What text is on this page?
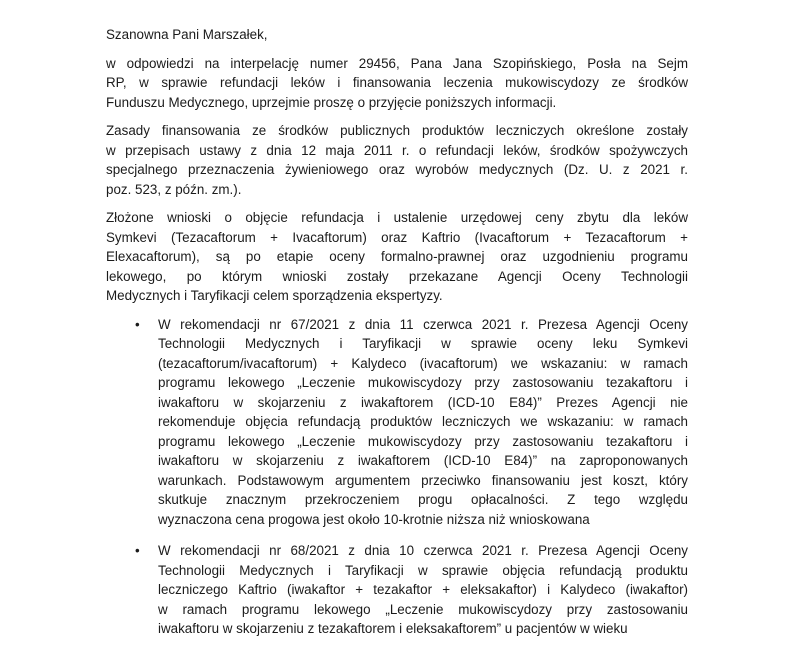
Szanowna Pani Marszałek,
w odpowiedzi na interpelację numer 29456, Pana Jana Szopińskiego, Posła na Sejm
RP, w sprawie refundacji leków i finansowania leczenia mukowiscydozy ze środków
Funduszu Medycznego, uprzejmie proszę o przyjęcie poniższych informacji.
Zasady finansowania ze środków publicznych produktów leczniczych określone zostały
w przepisach ustawy z dnia 12 maja 2011 r. o refundacji leków, środków spożywczych
specjalnego przeznaczenia żywieniowego oraz wyrobów medycznych (Dz. U. z 2021 r.
poz. 523, z późn. zm.).
Złożone wnioski o objęcie refundacja i ustalenie urzędowej ceny zbytu dla leków
Symkevi (Tezacaftorum + Ivacaftorum) oraz Kaftrio (Ivacaftorum + Tezacaftorum +
Elexacaftorum), są po etapie oceny formalno-prawnej oraz uzgodnieniu programu
lekowego, po którym wnioski zostały przekazane Agencji Oceny Technologii
Medycznych i Taryfikacji celem sporządzenia ekspertyzy.
• W rekomendacji nr 67/2021 z dnia 11 czerwca 2021 r. Prezesa Agencji Oceny
Technologii Medycznych i Taryfikacji w sprawie oceny leku Symkevi
(tezacaftorum/ivacaftorum) + Kalydeco (ivacaftorum) we wskazaniu: w ramach
programu lekowego „Leczenie mukowiscydozy przy zastosowaniu tezakaftoru i
iwakaftoru w skojarzeniu z iwakaftorem (ICD-10 E84)” Prezes Agencji nie
rekomenduje objęcia refundacją produktów leczniczych we wskazaniu: w ramach
programu lekowego „Leczenie mukowiscydozy przy zastosowaniu tezakaftoru i
iwakaftoru w skojarzeniu z iwakaftorem (ICD-10 E84)” na zaproponowanych
warunkach. Podstawowym argumentem przeciwko finansowaniu jest koszt, który
skutkuje znacznym przekroczeniem progu opłacalności. Z tego względu
wyznaczona cena progowa jest około 10-krotnie niższa niż wnioskowana
• W rekomendacji nr 68/2021 z dnia 10 czerwca 2021 r. Prezesa Agencji Oceny
Technologii Medycznych i Taryfikacji w sprawie objęcia refundacją produktu
leczniczego Kaftrio (iwakaftor + tezakaftor + eleksakaftor) i Kalydeco (iwakaftor)
w ramach programu lekowego „Leczenie mukowiscydozy przy zastosowaniu
iwakaftoru w skojarzeniu z tezakaftorem i eleksakaftorem” u pacjentów w wieku
